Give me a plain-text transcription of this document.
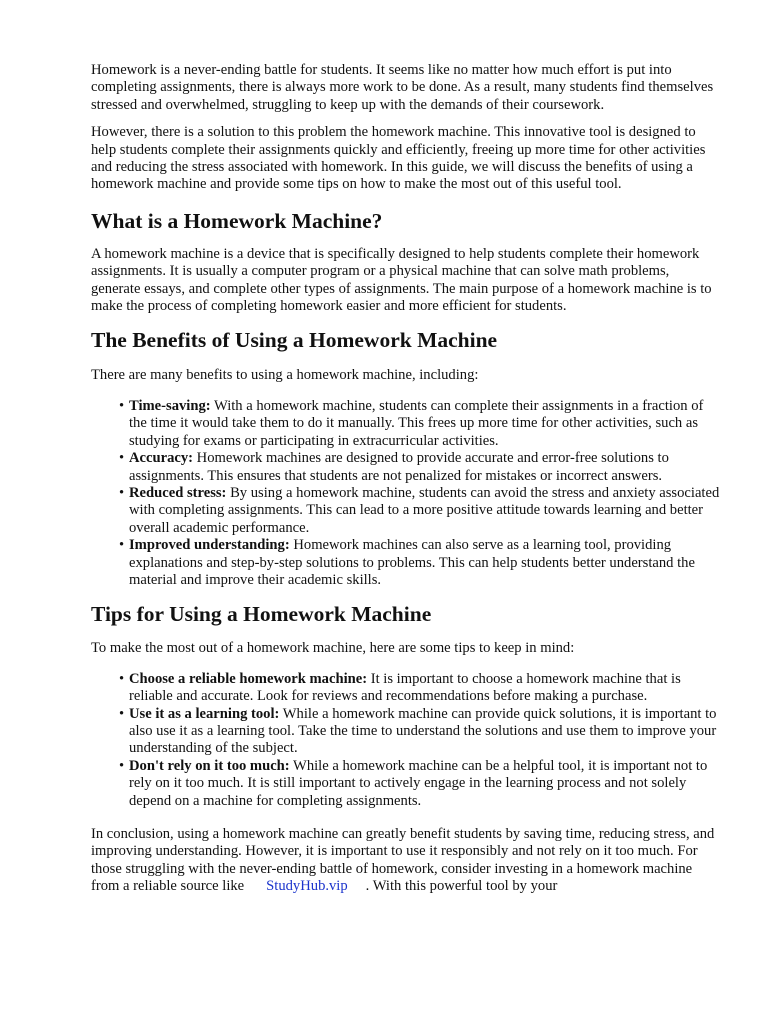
Homework is a never-ending battle for students. It seems like no matter how much effort is put into completing assignments, there is always more work to be done. As a result, many students find themselves stressed and overwhelmed, struggling to keep up with the demands of their coursework.

However, there is a solution to this problem the homework machine. This innovative tool is designed to help students complete their assignments quickly and efficiently, freeing up more time for other activities and reducing the stress associated with homework. In this guide, we will discuss the benefits of using a homework machine and provide some tips on how to make the most out of this useful tool.

What is a Homework Machine?

A homework machine is a device that is specifically designed to help students complete their homework assignments. It is usually a computer program or a physical machine that can solve math problems, generate essays, and complete other types of assignments. The main purpose of a homework machine is to make the process of completing homework easier and more efficient for students.

The Benefits of Using a Homework Machine

There are many benefits to using a homework machine, including:

• Time-saving: With a homework machine, students can complete their assignments in a fraction of the time it would take them to do it manually. This frees up more time for other activities, such as studying for exams or participating in extracurricular activities.
• Accuracy: Homework machines are designed to provide accurate and error-free solutions to assignments. This ensures that students are not penalized for mistakes or incorrect answers.
• Reduced stress: By using a homework machine, students can avoid the stress and anxiety associated with completing assignments. This can lead to a more positive attitude towards learning and better overall academic performance.
• Improved understanding: Homework machines can also serve as a learning tool, providing explanations and step-by-step solutions to problems. This can help students better understand the material and improve their academic skills.
Tips for Using a Homework Machine

To make the most out of a homework machine, here are some tips to keep in mind:

• Choose a reliable homework machine: It is important to choose a homework machine that is reliable and accurate. Look for reviews and recommendations before making a purchase.
• Use it as a learning tool: While a homework machine can provide quick solutions, it is important to also use it as a learning tool. Take the time to understand the solutions and use them to improve your understanding of the subject.
• Don't rely on it too much: While a homework machine can be a helpful tool, it is important not to rely on it too much. It is still important to actively engage in the learning process and not solely depend on a machine for completing assignments.

In conclusion, using a homework machine can greatly benefit students by saving time, reducing stress, and improving understanding. However, it is important to use it responsibly and not rely on it too much. For those struggling with the never-ending battle of homework, consider investing in a homework machine from a reliable source like StudyHub.vip . With this powerful tool by your
